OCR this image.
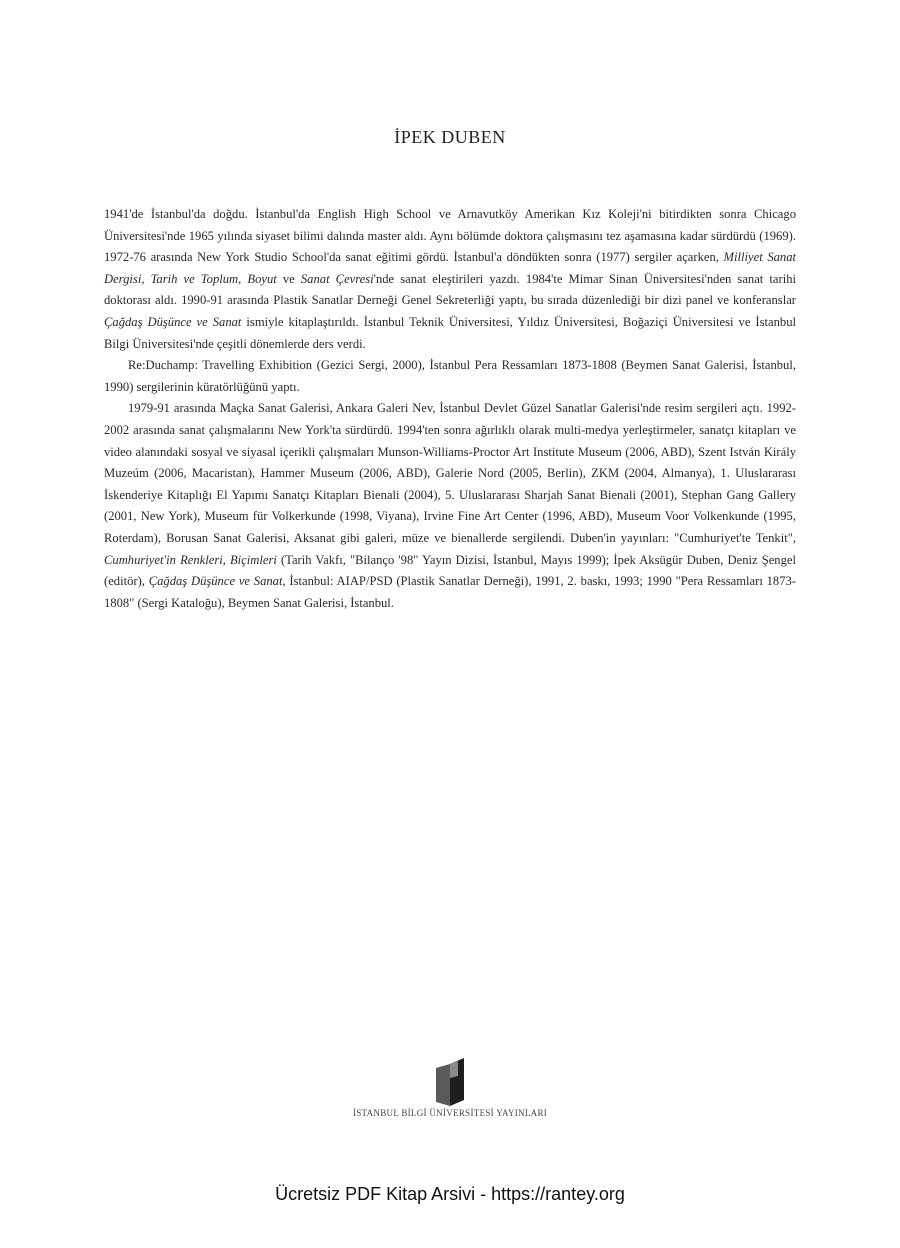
İPEK DUBEN

1941'de İstanbul'da doğdu. İstanbul'da English High School ve Arnavutköy Amerikan Kız Koleji'ni bitirdikten sonra Chicago Üniversitesi'nde 1965 yılında siyaset bilimi dalında master aldı. Aynı bölümde doktora çalışmasını tez aşamasına kadar sürdürdü (1969). 1972-76 arasında New York Studio School'da sanat eğitimi gördü. İstanbul'a döndükten sonra (1977) sergiler açarken, Milliyet Sanat Dergisi, Tarih ve Toplum, Boyut ve Sanat Çevresi'nde sanat eleştirileri yazdı. 1984'te Mimar Sinan Üniversitesi'nden sanat tarihi doktorası aldı. 1990-91 arasında Plastik Sanatlar Derneği Genel Sekreterliği yaptı, bu sırada düzenlediği bir dizi panel ve konferanslar Çağdaş Düşünce ve Sanat ismiyle kitaplaştırıldı. İstanbul Teknik Üniversitesi, Yıldız Üniversitesi, Boğaziçi Üniversitesi ve İstanbul Bilgi Üniversitesi'nde çeşitli dönemlerde ders verdi.

Re:Duchamp: Travelling Exhibition (Gezici Sergi, 2000), İstanbul Pera Ressamları 1873-1808 (Beymen Sanat Galerisi, İstanbul, 1990) sergilerinin küratörlüğünü yaptı.

1979-91 arasında Maçka Sanat Galerisi, Ankara Galeri Nev, İstanbul Devlet Güzel Sanatlar Galerisi'nde resim sergileri açtı. 1992-2002 arasında sanat çalışmalarını New York'ta sürdürdü. 1994'ten sonra ağırlıklı olarak multi-medya yerleştirmeler, sanatçı kitapları ve video alanındaki sosyal ve siyasal içerikli çalışmaları Munson-Williams-Proctor Art Institute Museum (2006, ABD), Szent István Király Muzeúm (2006, Macaristan), Hammer Museum (2006, ABD), Galerie Nord (2005, Berlin), ZKM (2004, Almanya), 1. Uluslararası İskenderiye Kitaplığı El Yapımı Sanatçı Kitapları Bienali (2004), 5. Uluslararası Sharjah Sanat Bienali (2001), Stephan Gang Gallery (2001, New York), Museum für Volkerkunde (1998, Viyana), Irvine Fine Art Center (1996, ABD), Museum Voor Volkenkunde (1995, Roterdam), Borusan Sanat Galerisi, Aksanat gibi galeri, müze ve bienallerde sergilendi. Duben'in yayınları: "Cumhuriyet'te Tenkit", Cumhuriyet'in Renkleri, Biçimleri (Tarih Vakfı, "Bilanço '98" Yayın Dizisi, İstanbul, Mayıs 1999); İpek Aksügür Duben, Deniz Şengel (editör), Çağdaş Düşünce ve Sanat, İstanbul: AIAP/PSD (Plastik Sanatlar Derneği), 1991, 2. baskı, 1993; 1990 "Pera Ressamları 1873-1808" (Sergi Kataloğu), Beymen Sanat Galerisi, İstanbul.

İSTANBUL BİLGİ ÜNİVERSİTESİ YAYINLARI
Ücretsiz PDF Kitap Arsivi - https://rantey.org
